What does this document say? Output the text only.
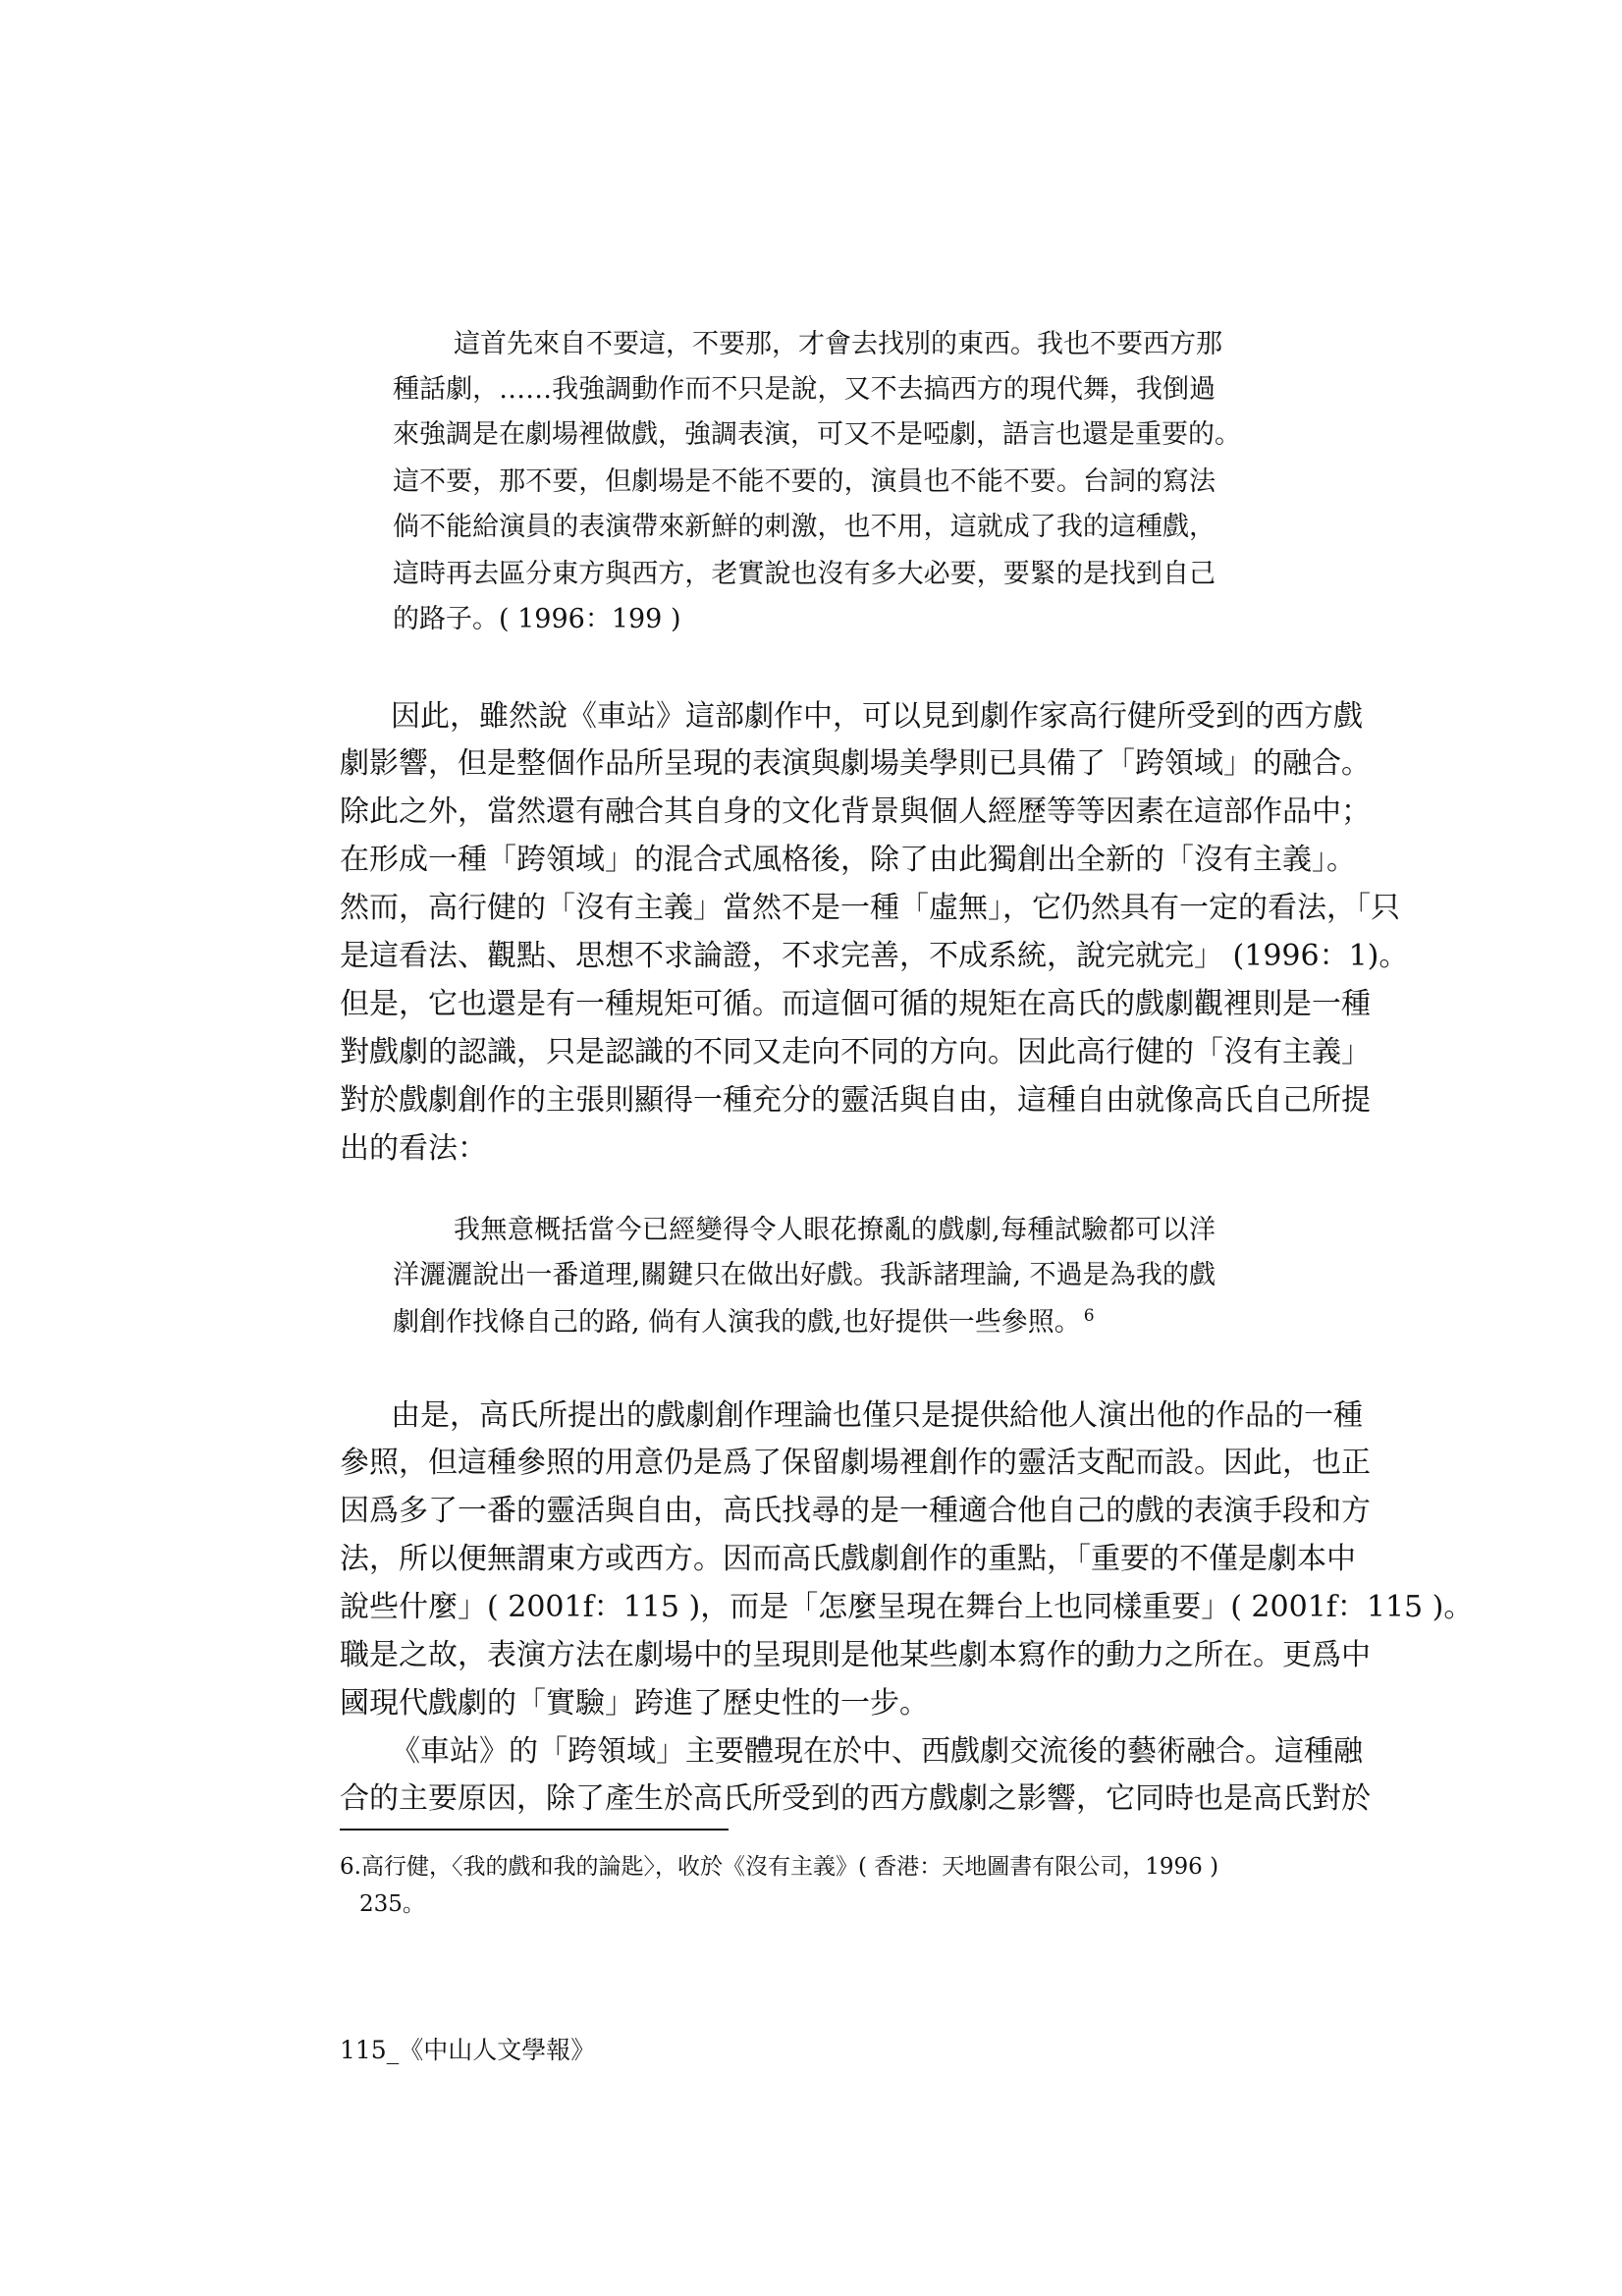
這首先來自不要這，不要那，才會去找別的東西。我也不要西方那
種話劇，……我強調動作而不只是說，又不去搞西方的現代舞，我倒過
來強調是在劇場裡做戲，強調表演，可又不是啞劇，語言也還是重要的。
這不要，那不要，但劇場是不能不要的，演員也不能不要。台詞的寫法
倘不能給演員的表演帶來新鮮的刺激，也不用，這就成了我的這種戲，
這時再去區分東方與西方，老實說也沒有多大必要，要緊的是找到自己
的路子。( 1996：199 )
因此，雖然說《車站》這部劇作中，可以見到劇作家高行健所受到的西方戲
劇影響，但是整個作品所呈現的表演與劇場美學則已具備了「跨領域」的融合。
除此之外，當然還有融合其自身的文化背景與個人經歷等等因素在這部作品中；
在形成一種「跨領域」的混合式風格後，除了由此獨創出全新的「沒有主義」。
然而，高行健的「沒有主義」當然不是一種「虛無」，它仍然具有一定的看法，「只
是這看法、觀點、思想不求論證，不求完善，不成系統，說完就完」 (1996：1)。
但是，它也還是有一種規矩可循。而這個可循的規矩在高氏的戲劇觀裡則是一種
對戲劇的認識，只是認識的不同又走向不同的方向。因此高行健的「沒有主義」
對於戲劇創作的主張則顯得一種充分的靈活與自由，這種自由就像高氏自己所提
出的看法：
我無意概括當今已經變得令人眼花撩亂的戲劇,每種試驗都可以洋
洋灑灑說出一番道理,關鍵只在做出好戲。我訴諸理論, 不過是為我的戲
劇創作找條自己的路, 倘有人演我的戲,也好提供一些參照。 $^6$
由是，高氏所提出的戲劇創作理論也僅只是提供給他人演出他的作品的一種
參照，但這種參照的用意仍是爲了保留劇場裡創作的靈活支配而設。因此，也正
因爲多了一番的靈活與自由，高氏找尋的是一種適合他自己的戲的表演手段和方
法，所以便無謂東方或西方。因而高氏戲劇創作的重點，「重要的不僅是劇本中
說些什麼」( 2001f：115 )，而是「怎麼呈現在舞台上也同樣重要」( 2001f：115 )。
職是之故，表演方法在劇場中的呈現則是他某些劇本寫作的動力之所在。更爲中
國現代戲劇的「實驗」跨進了歷史性的一步。
《車站》的「跨領域」主要體現在於中、西戲劇交流後的藝術融合。這種融
合的主要原因，除了產生於高氏所受到的西方戲劇之影響，它同時也是高氏對於
6.高行健，〈我的戲和我的論匙〉，收於《沒有主義》( 香港：天地圖書有限公司，1996 )
235。
115_《中山人文學報》
